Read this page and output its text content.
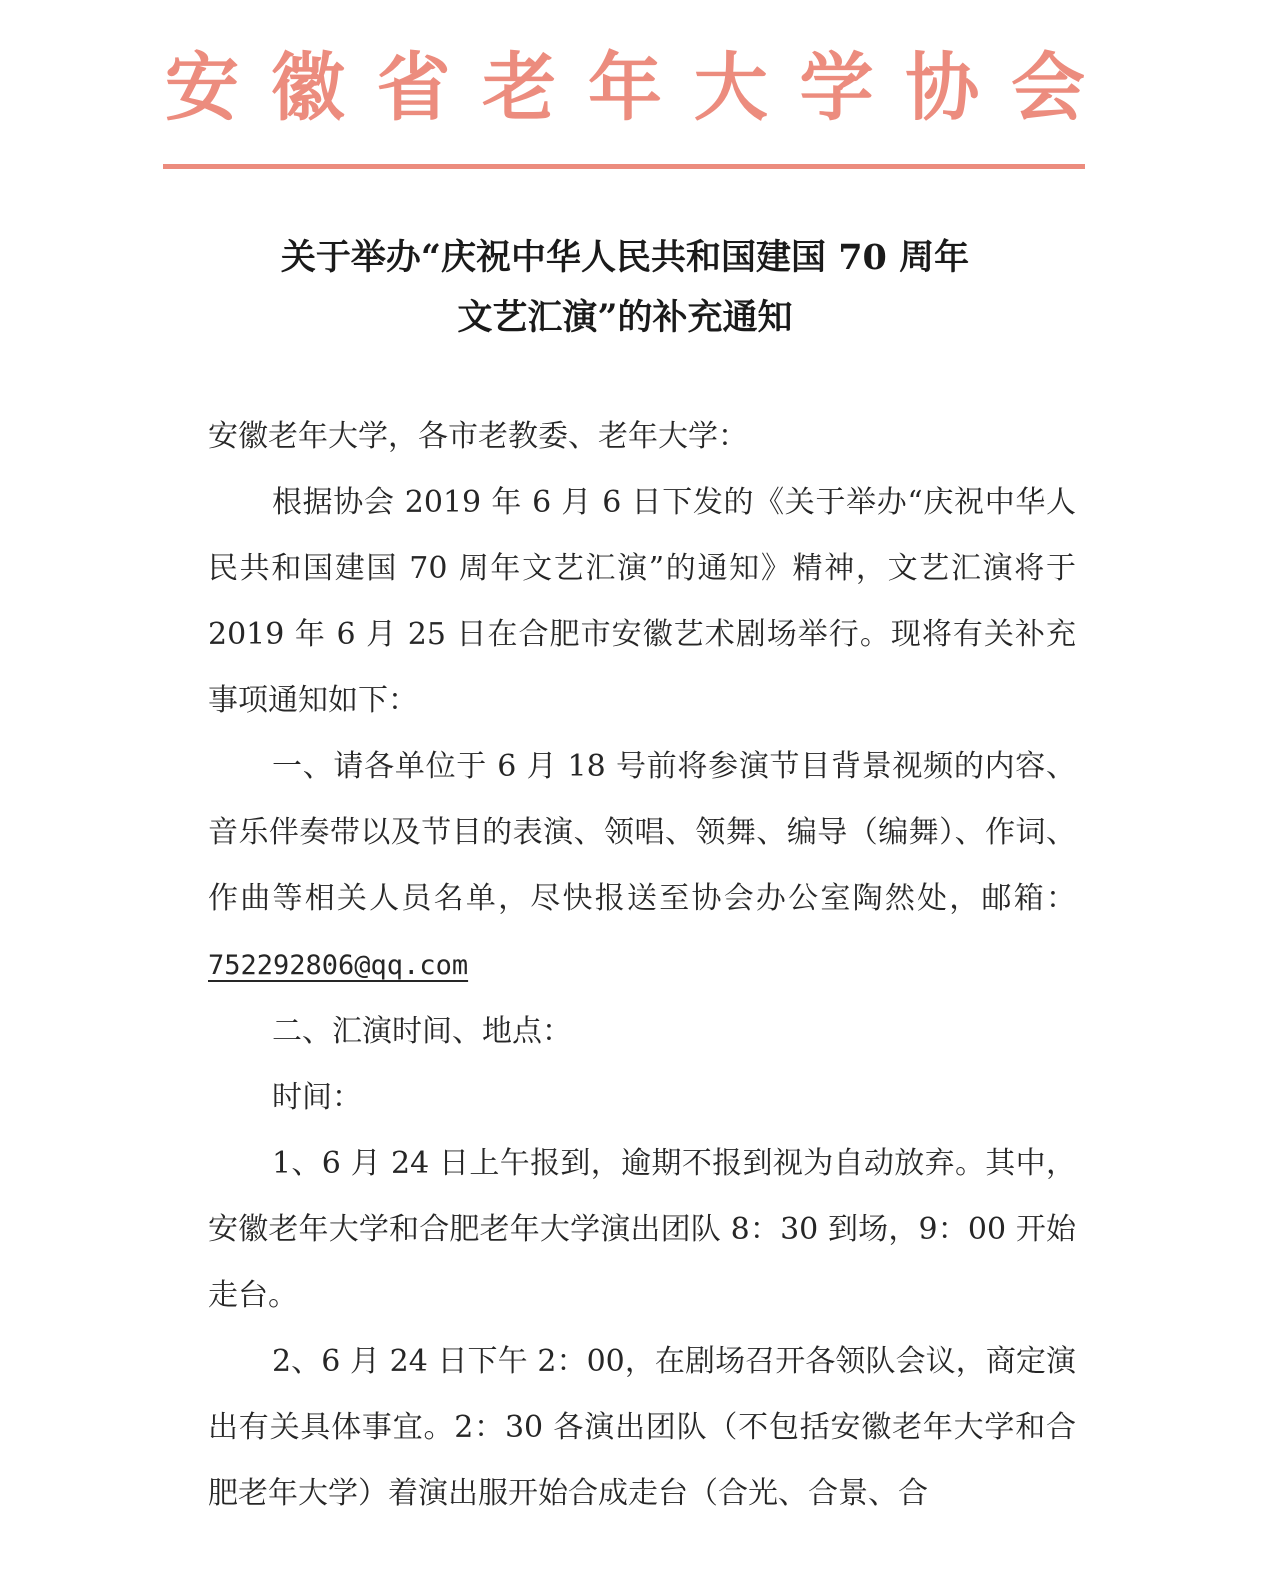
安 徽 省 老 年 大 学 协 会
关于举办“庆祝中华人民共和国建国 70 周年
文艺汇演”的补充通知

安徽老年大学，各市老教委、老年大学：

根据协会 2019 年 6 月 6 日下发的《关于举办“庆祝中华人民共和国建国 70 周年文艺汇演”的通知》精神，文艺汇演将于 2019 年 6 月 25 日在合肥市安徽艺术剧场举行。现将有关补充事项通知如下：

一、请各单位于 6 月 18 号前将参演节目背景视频的内容、音乐伴奏带以及节目的表演、领唱、领舞、编导（编舞）、作词、作曲等相关人员名单，尽快报送至协会办公室陶然处，邮箱：752292806@qq.com

二、汇演时间、地点：

时间：

1、6 月 24 日上午报到，逾期不报到视为自动放弃。其中，安徽老年大学和合肥老年大学演出团队 8：30 到场，9：00 开始走台。

2、6 月 24 日下午 2：00，在剧场召开各领队会议，商定演出有关具体事宜。2：30 各演出团队（不包括安徽老年大学和合肥老年大学）着演出服开始合成走台（合光、合景、合
